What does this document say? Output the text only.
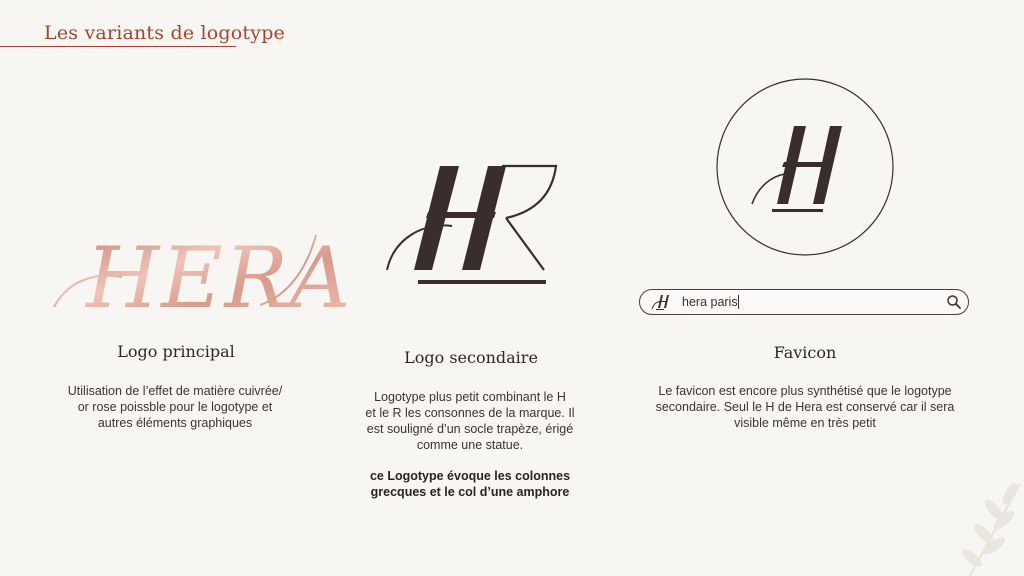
Les variants de logotype
HERA
Logo principal	Logo secondaire	Favicon

Utilisation de l’effet de matière cuivrée/

or rose poissble pour le logotype et

autres éléments graphiques

Logotype plus petit combinant le H

et le R les consonnes de la marque. Il

est souligné d’un socle trapèze, érigé

comme une statue.

ce Logotype évoque les colonnes

grecques et le col d’une amphore

Le favicon est encore plus synthétisé que le logotype

secondaire. Seul le H de Hera est conservé car il sera

visible même en très petit

hera paris
